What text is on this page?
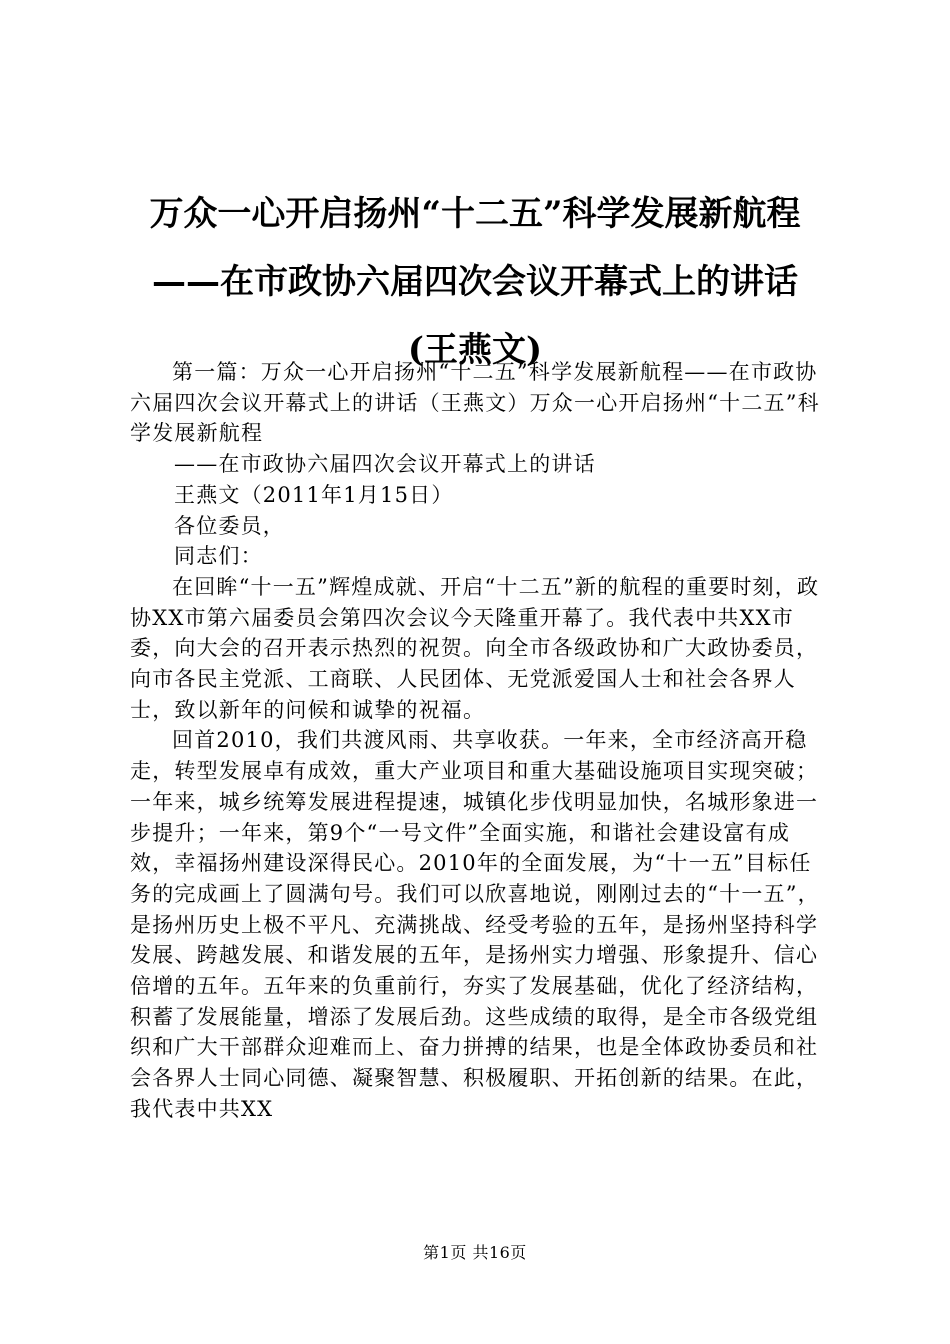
万众一心开启扬州“十二五”科学发展新航程
——在市政协六届四次会议开幕式上的讲话
(王燕文)

第一篇：万众一心开启扬州“十二五”科学发展新航程——在市政协六届四次会议开幕式上的讲话（王燕文）万众一心开启扬州“十二五”科学发展新航程

——在市政协六届四次会议开幕式上的讲话

王燕文（2011年1月15日）

各位委员，

同志们：

在回眸“十一五”辉煌成就、开启“十二五”新的航程的重要时刻，政协XX市第六届委员会第四次会议今天隆重开幕了。我代表中共XX市委，向大会的召开表示热烈的祝贺。向全市各级政协和广大政协委员，向市各民主党派、工商联、人民团体、无党派爱国人士和社会各界人士，致以新年的问候和诚挚的祝福。

回首2010，我们共渡风雨、共享收获。一年来，全市经济高开稳走，转型发展卓有成效，重大产业项目和重大基础设施项目实现突破；一年来，城乡统筹发展进程提速，城镇化步伐明显加快，名城形象进一步提升；一年来，第9个“一号文件”全面实施，和谐社会建设富有成效，幸福扬州建设深得民心。2010年的全面发展，为“十一五”目标任务的完成画上了圆满句号。我们可以欣喜地说，刚刚过去的“十一五”，是扬州历史上极不平凡、充满挑战、经受考验的五年，是扬州坚持科学发展、跨越发展、和谐发展的五年，是扬州实力增强、形象提升、信心倍增的五年。五年来的负重前行，夯实了发展基础，优化了经济结构，积蓄了发展能量，增添了发展后劲。这些成绩的取得，是全市各级党组织和广大干部群众迎难而上、奋力拼搏的结果，也是全体政协委员和社会各界人士同心同德、凝聚智慧、积极履职、开拓创新的结果。在此，我代表中共XX

第1页 共16页
